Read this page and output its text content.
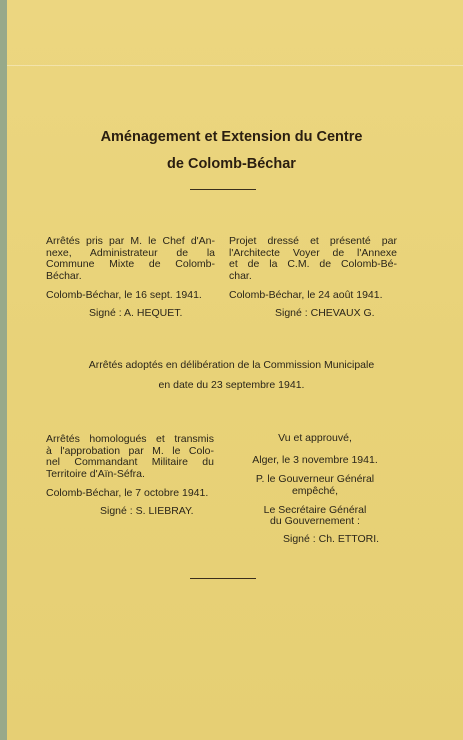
Aménagement et Extension du Centre
de Colomb-Béchar
Arrêtés pris par M. le Chef d'An-
nexe, Administrateur de la
Commune Mixte de Colomb-
Béchar.
Colomb-Béchar, le 16 sept. 1941.
Signé : A. HEQUET.
Projet dressé et présenté par
l'Architecte Voyer de l'Annexe
et de la C.M. de Colomb-Bé-
char.
Colomb-Béchar, le 24 août 1941.
Signé : CHEVAUX G.
Arrêtés adoptés en délibération de la Commission Municipale
en date du 23 septembre 1941.
Arrêtés homologués et transmis
à l'approbation par M. le Colo-
nel Commandant Militaire du
Territoire d'Aïn-Séfra.
Colomb-Béchar, le 7 octobre 1941.
Signé : S. LIEBRAY.
Vu et approuvé,
Alger, le 3 novembre 1941.
P. le Gouverneur Général
empêché,
Le Secrétaire Général
du Gouvernement :
Signé : Ch. ETTORI.
